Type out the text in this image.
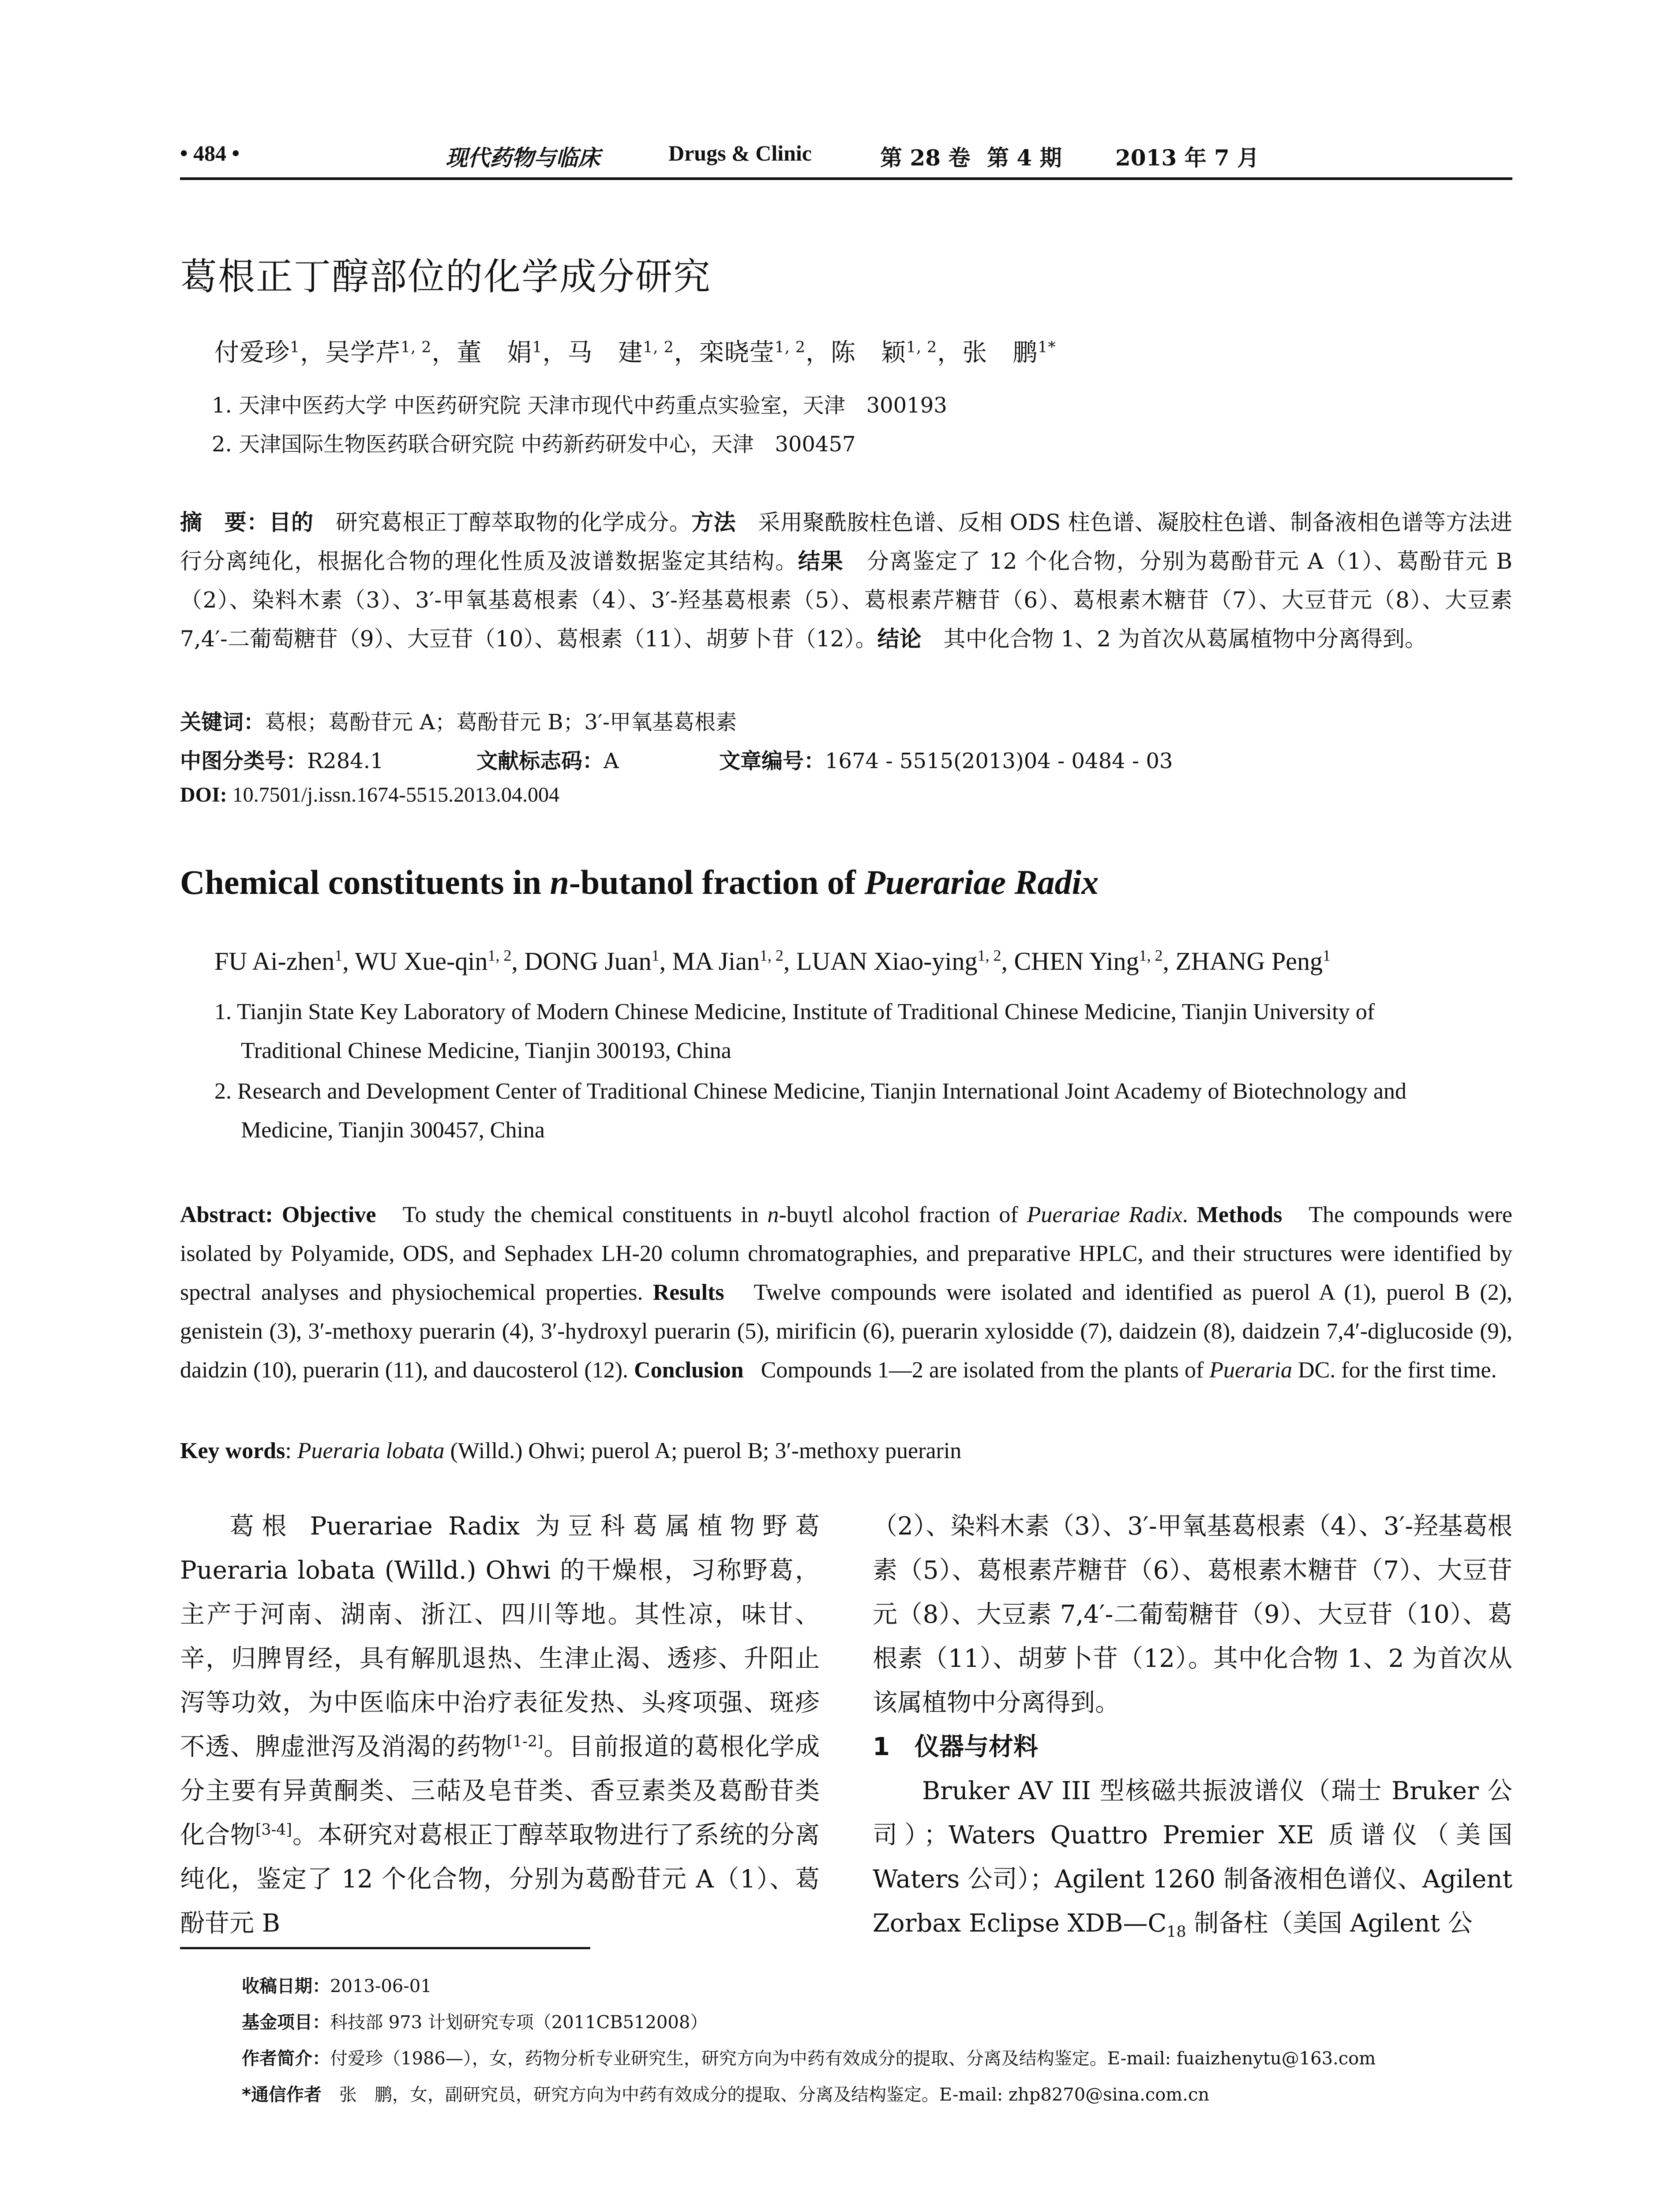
• 484 •	现代药物与临床	Drugs & Clinic	第 28 卷 第 4 期 2013 年 7 月
葛根正丁醇部位的化学成分研究
付爱珍$^1$，吴学芹$^{1, 2}$，董　娟$^1$，马　建$^{1, 2}$，栾晓莹$^{1, 2}$，陈　颖$^{1, 2}$，张　鹏$^{1*}$
1. 天津中医药大学 中医药研究院 天津市现代中药重点实验室，天津　300193
2. 天津国际生物医药联合研究院 中药新药研发中心，天津　300457
摘　要：目的　 研究葛根正丁醇萃取物的化学成分。方法　 采用聚酰胺柱色谱、反相 ODS 柱色谱、凝胶柱色谱、制备液相色谱等方法进行分离纯化，根据化合物的理化性质及波谱数据鉴定其结构。结果　 分离鉴定了 12 个化合物，分别为葛酚苷元 A（1）、葛酚苷元 B（2）、染料木素（3）、3′-甲氧基葛根素（4）、3′-羟基葛根素（5）、葛根素芹糖苷（6）、葛根素木糖苷（7）、大豆苷元（8）、大豆素 7,4′-二葡萄糖苷（9）、大豆苷（10）、葛根素（11）、胡萝卜苷（12）。结论　 其中化合物 1、2 为首次从葛属植物中分离得到。
关键词：葛根；葛酚苷元 A；葛酚苷元 B；3′-甲氧基葛根素
中图分类号：R284.1	文献标志码：A	文章编号：1674 - 5515(2013)04 - 0484 - 03
DOI: 10.7501/j.issn.1674-5515.2013.04.004
Chemical constituents in n-butanol fraction of Puerariae Radix
FU Ai-zhen$^1$, WU Xue-qin$^{1, 2}$, DONG Juan$^1$, MA Jian$^{1, 2}$, LUAN Xiao-ying$^{1, 2}$, CHEN Ying$^{1, 2}$, ZHANG Peng$^1$
1. Tianjin State Key Laboratory of Modern Chinese Medicine, Institute of Traditional Chinese Medicine, Tianjin University of
Traditional Chinese Medicine, Tianjin 300193, China
2. Research and Development Center of Traditional Chinese Medicine, Tianjin International Joint Academy of Biotechnology and
Medicine, Tianjin 300457, China
Abstract: Objective To study the chemical constituents in n-buytl alcohol fraction of Puerariae Radix. Methods The compounds were isolated by Polyamide, ODS, and Sephadex LH-20 column chromatographies, and preparative HPLC, and their structures were identified by spectral analyses and physiochemical properties. Results Twelve compounds were isolated and identified as puerol A (1), puerol B (2), genistein (3), 3′-methoxy puerarin (4), 3′-hydroxyl puerarin (5), mirificin (6), puerarin xylosidde (7), daidzein (8), daidzein 7,4′-diglucoside (9), daidzin (10), puerarin (11), and daucosterol (12). Conclusion Compounds 1—2 are isolated from the plants of Pueraria DC. for the first time.
Key words: Pueraria lobata (Willd.) Ohwi; puerol A; puerol B; 3′-methoxy puerarin
葛根 Puerariae Radix 为豆科葛属植物野葛 Pueraria lobata (Willd.) Ohwi 的干燥根，习称野葛，主产于河南、湖南、浙江、四川等地。其性凉，味甘、辛，归脾胃经，具有解肌退热、生津止渴、透疹、升阳止泻等功效，为中医临床中治疗表征发热、头疼项强、斑疹不透、脾虚泄泻及消渴的药物[1-2]。目前报道的葛根化学成分主要有异黄酮类、三萜及皂苷类、香豆素类及葛酚苷类化合物[3-4]。本研究对葛根正丁醇萃取物进行了系统的分离纯化，鉴定了 12 个化合物，分别为葛酚苷元 A（1）、葛酚苷元 B
（2）、染料木素（3）、3′-甲氧基葛根素（4）、3′-羟基葛根素（5）、葛根素芹糖苷（6）、葛根素木糖苷（7）、大豆苷元（8）、大豆素 7,4′-二葡萄糖苷（9）、大豆苷（10）、葛根素（11）、胡萝卜苷（12）。其中化合物 1、2 为首次从该属植物中分离得到。
1　仪器与材料
Bruker AV III 型核磁共振波谱仪（瑞士 Bruker 公司）；Waters Quattro Premier XE 质谱仪（美国 Waters 公司）；Agilent 1260 制备液相色谱仪、Agilent Zorbax Eclipse $XDB—C_{18}$ 制备柱（美国 Agilent 公
收稿日期：2013-06-01
基金项目：科技部 973 计划研究专项（2011CB512008）
作者简介：付爱珍（1986—），女，药物分析专业研究生，研究方向为中药有效成分的提取、分离及结构鉴定。E-mail: fuaizhenytu@163.com
*通信作者　 张　鹏，女，副研究员，研究方向为中药有效成分的提取、分离及结构鉴定。E-mail: zhp8270@sina.com.cn
